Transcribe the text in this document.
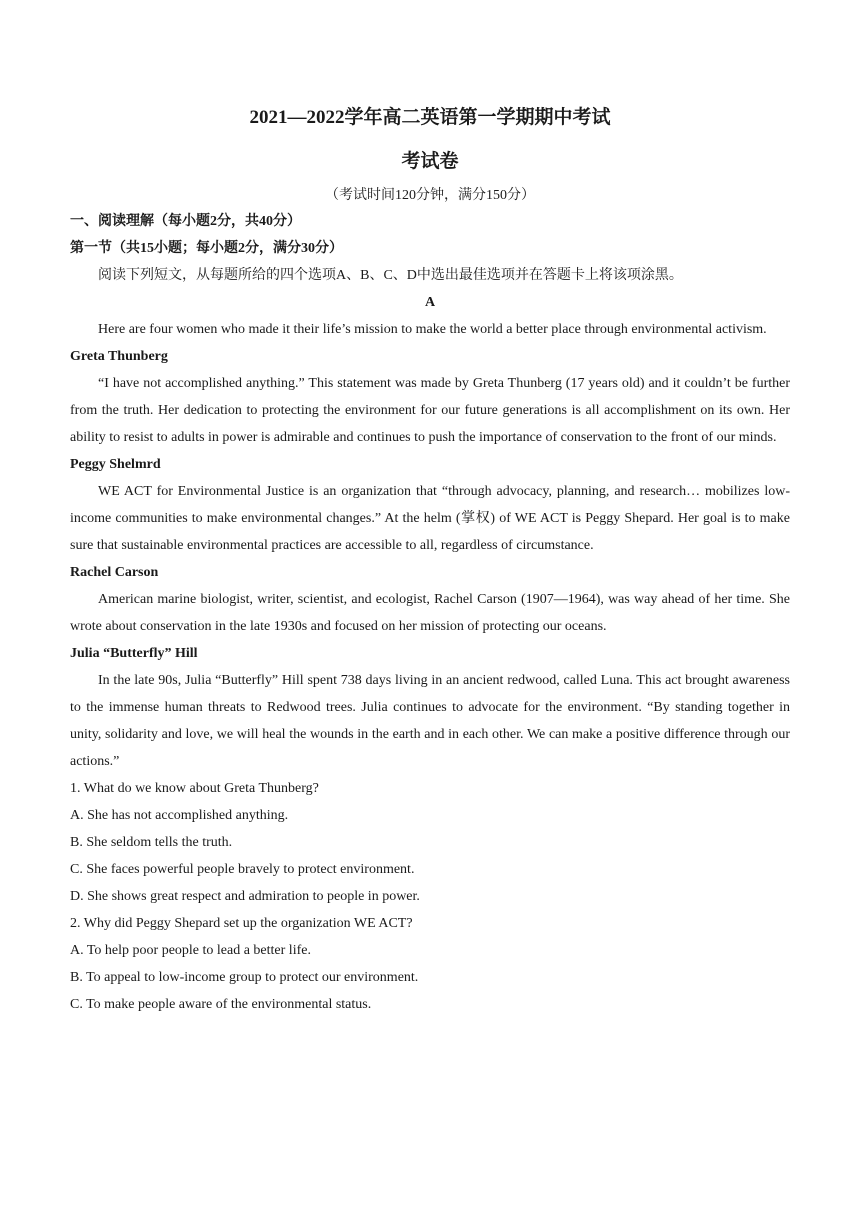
2021—2022学年高二英语第一学期期中考试

考试卷

（考试时间120分钟，满分150分）

一、阅读理解（每小题2分，共40分）

第一节（共15小题；每小题2分，满分30分）

阅读下列短文，从每题所给的四个选项A、B、C、D中选出最佳选项并在答题卡上将该项涂黑。

A

Here are four women who made it their life’s mission to make the world a better place through environmental activism.

Greta Thunberg

“I have not accomplished anything.” This statement was made by Greta Thunberg (17 years old) and it couldn’t be further from the truth. Her dedication to protecting the environment for our future generations is all accomplishment on its own. Her ability to resist to adults in power is admirable and continues to push the importance of conservation to the front of our minds.

Peggy Shelmrd

WE ACT for Environmental Justice is an organization that “through advocacy, planning, and research… mobilizes low-income communities to make environmental changes.” At the helm (掌权) of WE ACT is Peggy Shepard. Her goal is to make sure that sustainable environmental practices are accessible to all, regardless of circumstance.

Rachel Carson

American marine biologist, writer, scientist, and ecologist, Rachel Carson (1907—1964), was way ahead of her time. She wrote about conservation in the late 1930s and focused on her mission of protecting our oceans.

Julia “Butterfly” Hill

In the late 90s, Julia “Butterfly” Hill spent 738 days living in an ancient redwood, called Luna. This act brought awareness to the immense human threats to Redwood trees. Julia continues to advocate for the environment. “By standing together in unity, solidarity and love, we will heal the wounds in the earth and in each other. We can make a positive difference through our actions.”

1. What do we know about Greta Thunberg?

A. She has not accomplished anything.

B. She seldom tells the truth.

C. She faces powerful people bravely to protect environment.

D. She shows great respect and admiration to people in power.

2. Why did Peggy Shepard set up the organization WE ACT?

A. To help poor people to lead a better life.

B. To appeal to low-income group to protect our environment.

C. To make people aware of the environmental status.
